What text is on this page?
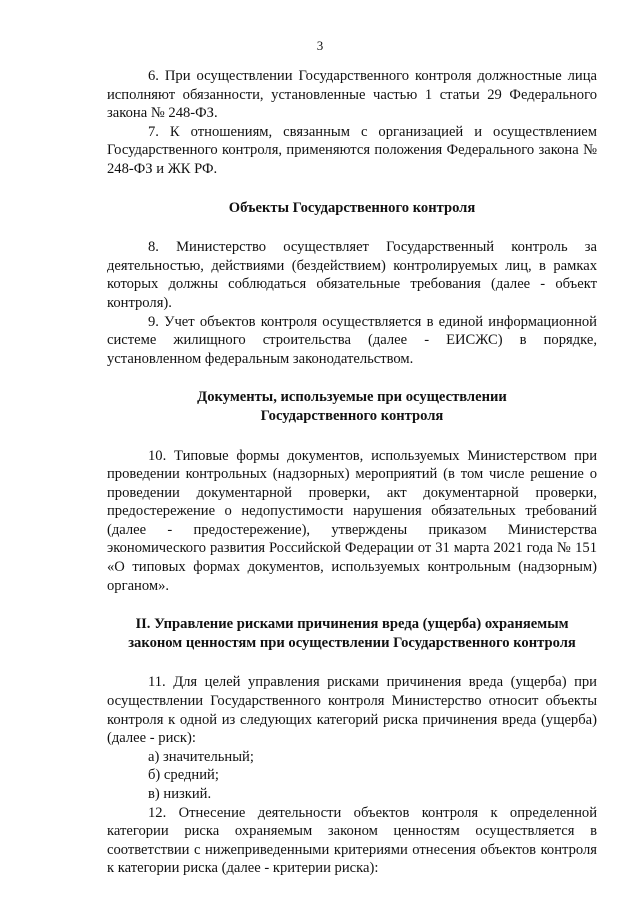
3

6. При осуществлении Государственного контроля должностные лица исполняют обязанности, установленные частью 1 статьи 29 Федерального закона № 248-ФЗ.

7. К отношениям, связанным с организацией и осуществлением Государственного контроля, применяются положения Федерального закона № 248-ФЗ и ЖК РФ.

Объекты Государственного контроля

8. Министерство осуществляет Государственный контроль за деятельностью, действиями (бездействием) контролируемых лиц, в рамках которых должны соблюдаться обязательные требования (далее - объект контроля).

9. Учет объектов контроля осуществляется в единой информационной системе жилищного строительства (далее - ЕИСЖС) в порядке, установленном федеральным законодательством.

Документы, используемые при осуществлении

Государственного контроля

10. Типовые формы документов, используемых Министерством при проведении контрольных (надзорных) мероприятий (в том числе решение о проведении документарной проверки, акт документарной проверки, предостережение о недопустимости нарушения обязательных требований (далее - предостережение), утверждены приказом Министерства экономического развития Российской Федерации от 31 марта 2021 года № 151 «О типовых формах документов, используемых контрольным (надзорным) органом».

II. Управление рисками причинения вреда (ущерба) охраняемым

законом ценностям при осуществлении Государственного контроля

11. Для целей управления рисками причинения вреда (ущерба) при осуществлении Государственного контроля Министерство относит объекты контроля к одной из следующих категорий риска причинения вреда (ущерба) (далее - риск):

а) значительный;

б) средний;

в) низкий.

12. Отнесение деятельности объектов контроля к определенной категории риска охраняемым законом ценностям осуществляется в соответствии с нижеприведенными критериями отнесения объектов контроля к категории риска (далее - критерии риска):
